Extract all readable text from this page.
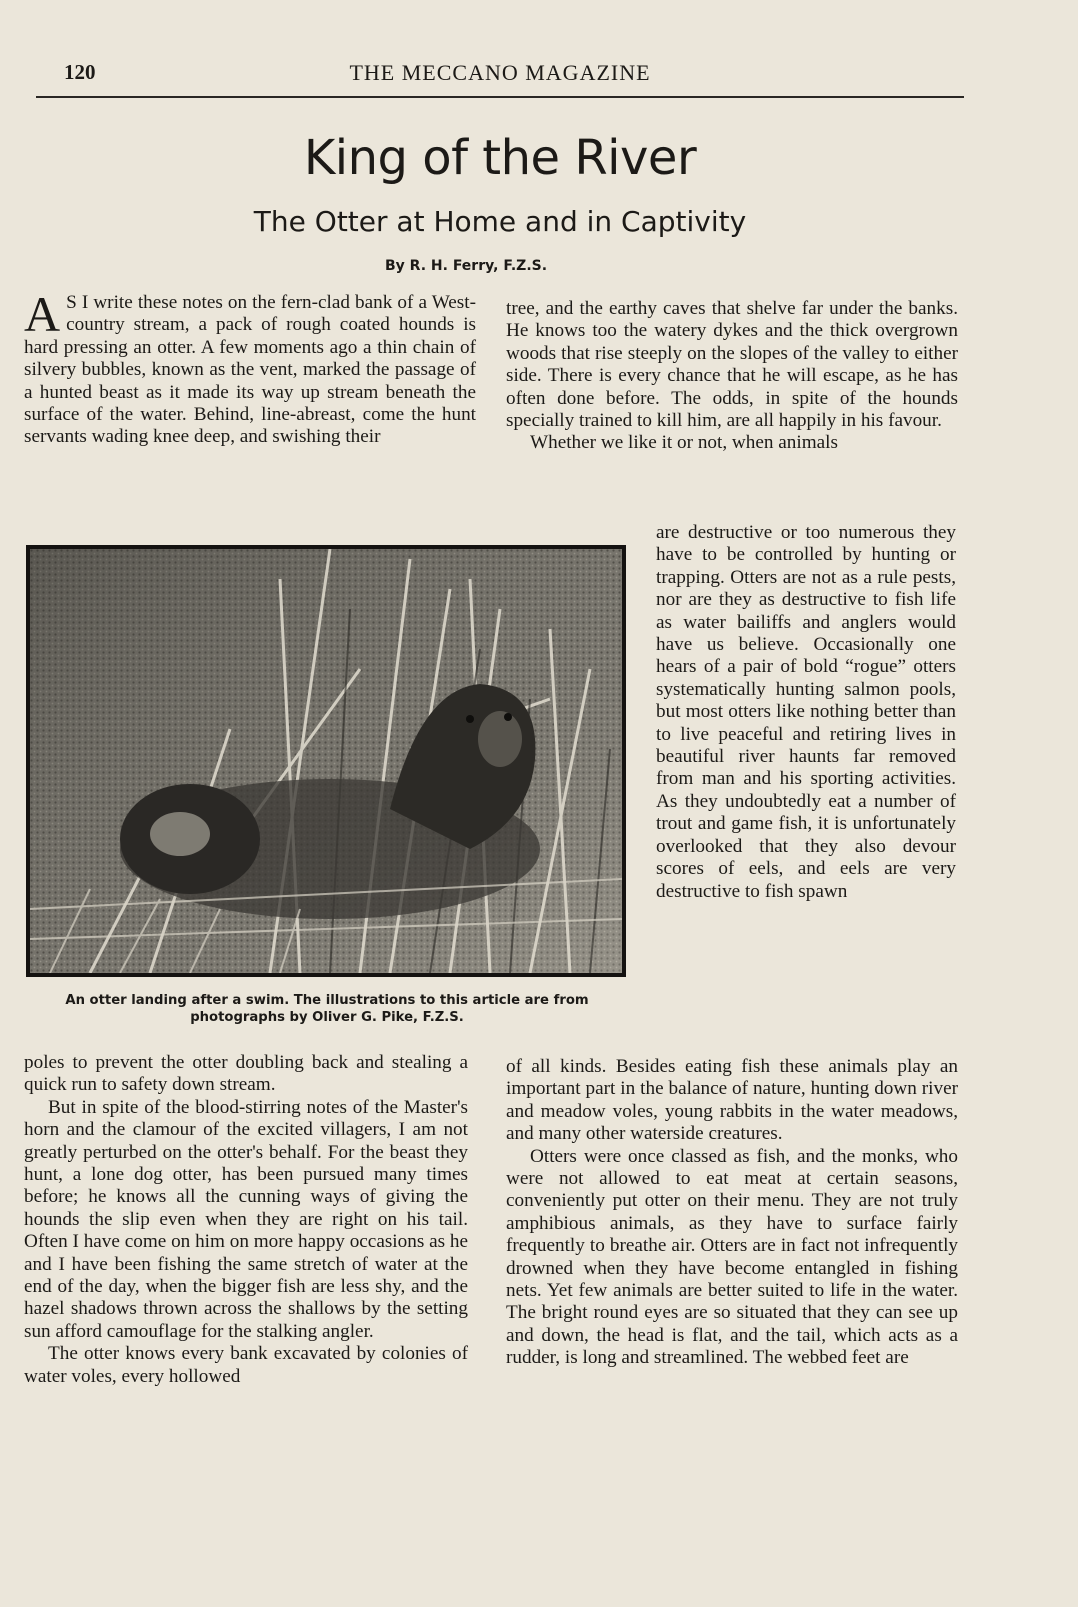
120	THE MECCANO MAGAZINE
King of the River
The Otter at Home and in Captivity
By R. H. Ferry, F.Z.S.

A S I write these notes on the fern-clad bank of a West-country stream, a pack of rough coated hounds is hard pressing an otter. A few moments ago a thin chain of silvery bubbles, known as the vent, marked the passage of a hunted beast as it made its way up stream beneath the surface of the water. Behind, line-abreast, come the hunt servants wading knee deep, and swishing their

An otter landing after a swim. The illustrations to this article are from
photographs by Oliver G. Pike, F.Z.S.

poles to prevent the otter doubling back and stealing a quick run to safety down stream.

But in spite of the blood-stirring notes of the Master's horn and the clamour of the excited villagers, I am not greatly perturbed on the otter's behalf. For the beast they hunt, a lone dog otter, has been pursued many times before; he knows all the cunning ways of giving the hounds the slip even when they are right on his tail. Often I have come on him on more happy occasions as he and I have been fishing the same stretch of water at the end of the day, when the bigger fish are less shy, and the hazel shadows thrown across the shallows by the setting sun afford camouflage for the stalking angler.

The otter knows every bank excavated by colonies of water voles, every hollowed

tree, and the earthy caves that shelve far under the banks. He knows too the watery dykes and the thick overgrown woods that rise steeply on the slopes of the valley to either side. There is every chance that he will escape, as he has often done before. The odds, in spite of the hounds specially trained to kill him, are all happily in his favour.

Whether we like it or not, when animals

are destructive or too numerous they have to be controlled by hunting or trapping. Otters are not as a rule pests, nor are they as destructive to fish life as water bailiffs and anglers would have us believe. Occasionally one hears of a pair of bold “rogue” otters systematically hunting salmon pools, but most otters like nothing better than to live peaceful and retiring lives in beautiful river haunts far removed from man and his sporting activities. As they undoubtedly eat a number of trout and game fish, it is unfortunately overlooked that they also devour scores of eels, and eels are very destructive to fish spawn

of all kinds. Besides eating fish these animals play an important part in the balance of nature, hunting down river and meadow voles, young rabbits in the water meadows, and many other waterside creatures.

Otters were once classed as fish, and the monks, who were not allowed to eat meat at certain seasons, conveniently put otter on their menu. They are not truly amphibious animals, as they have to surface fairly frequently to breathe air. Otters are in fact not infrequently drowned when they have become entangled in fishing nets. Yet few animals are better suited to life in the water. The bright round eyes are so situated that they can see up and down, the head is flat, and the tail, which acts as a rudder, is long and streamlined. The webbed feet are
